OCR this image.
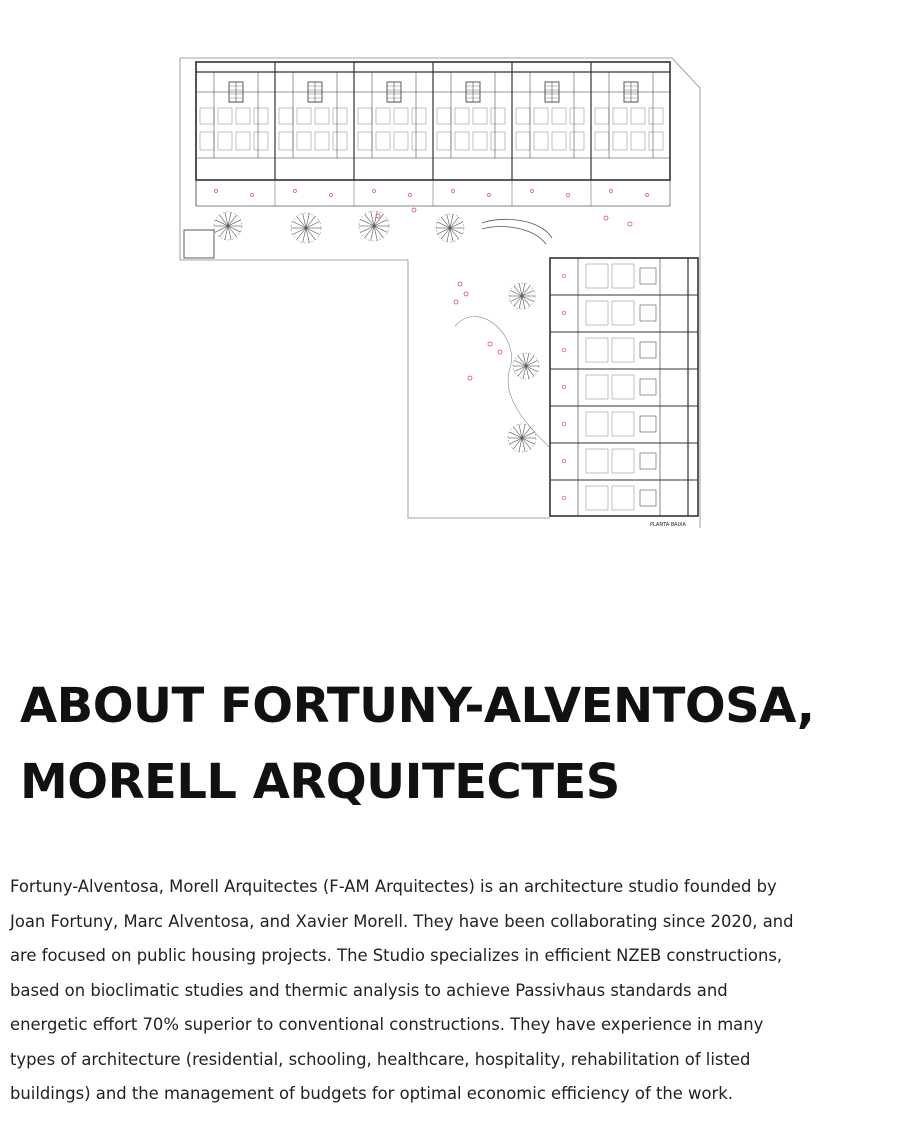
PLANTA BAIXA
ABOUT FORTUNY-ALVENTOSA,
MORELL ARQUITECTES

Fortuny-Alventosa, Morell Arquitectes (F-AM Arquitectes) is an architecture studio founded by
Joan Fortuny, Marc Alventosa, and Xavier Morell. They have been collaborating since 2020, and
are focused on public housing projects. The Studio specializes in efficient NZEB constructions,
based on bioclimatic studies and thermic analysis to achieve Passivhaus standards and
energetic effort 70% superior to conventional constructions. They have experience in many
types of architecture (residential, schooling, healthcare, hospitality, rehabilitation of listed
buildings) and the management of budgets for optimal economic efficiency of the work.
